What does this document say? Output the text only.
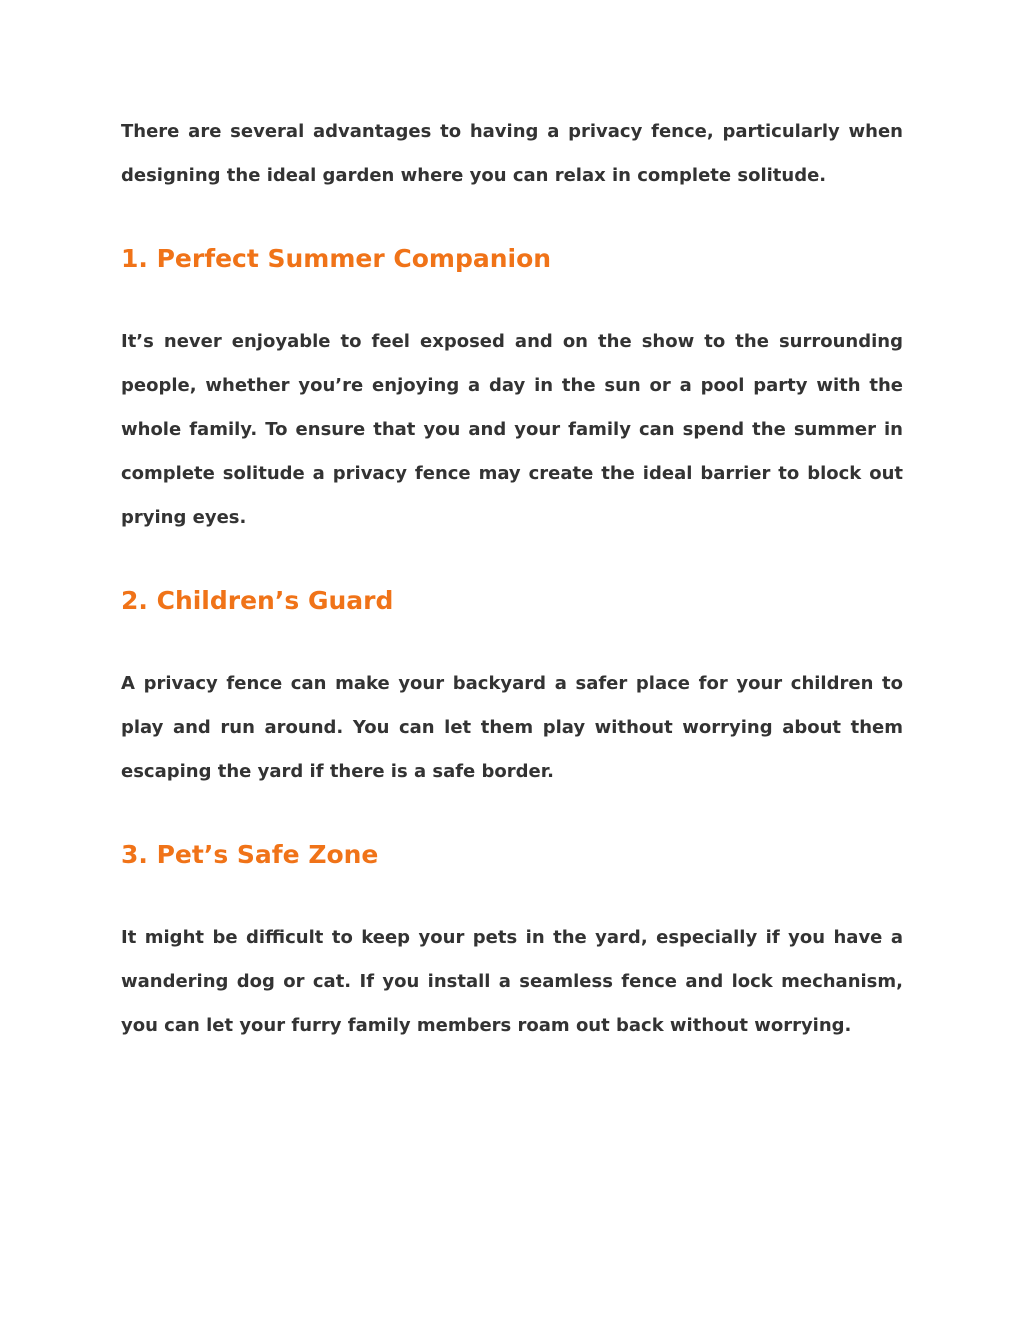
There are several advantages to having a privacy fence, particularly when designing the ideal garden where you can relax in complete solitude.

1. Perfect Summer Companion

It’s never enjoyable to feel exposed and on the show to the surrounding people, whether you’re enjoying a day in the sun or a pool party with the whole family. To ensure that you and your family can spend the summer in complete solitude a privacy fence may create the ideal barrier to block out prying eyes.

2. Children’s Guard

A privacy fence can make your backyard a safer place for your children to play and run around. You can let them play without worrying about them escaping the yard if there is a safe border.

3. Pet’s Safe Zone

It might be difficult to keep your pets in the yard, especially if you have a wandering dog or cat. If you install a seamless fence and lock mechanism, you can let your furry family members roam out back without worrying.
